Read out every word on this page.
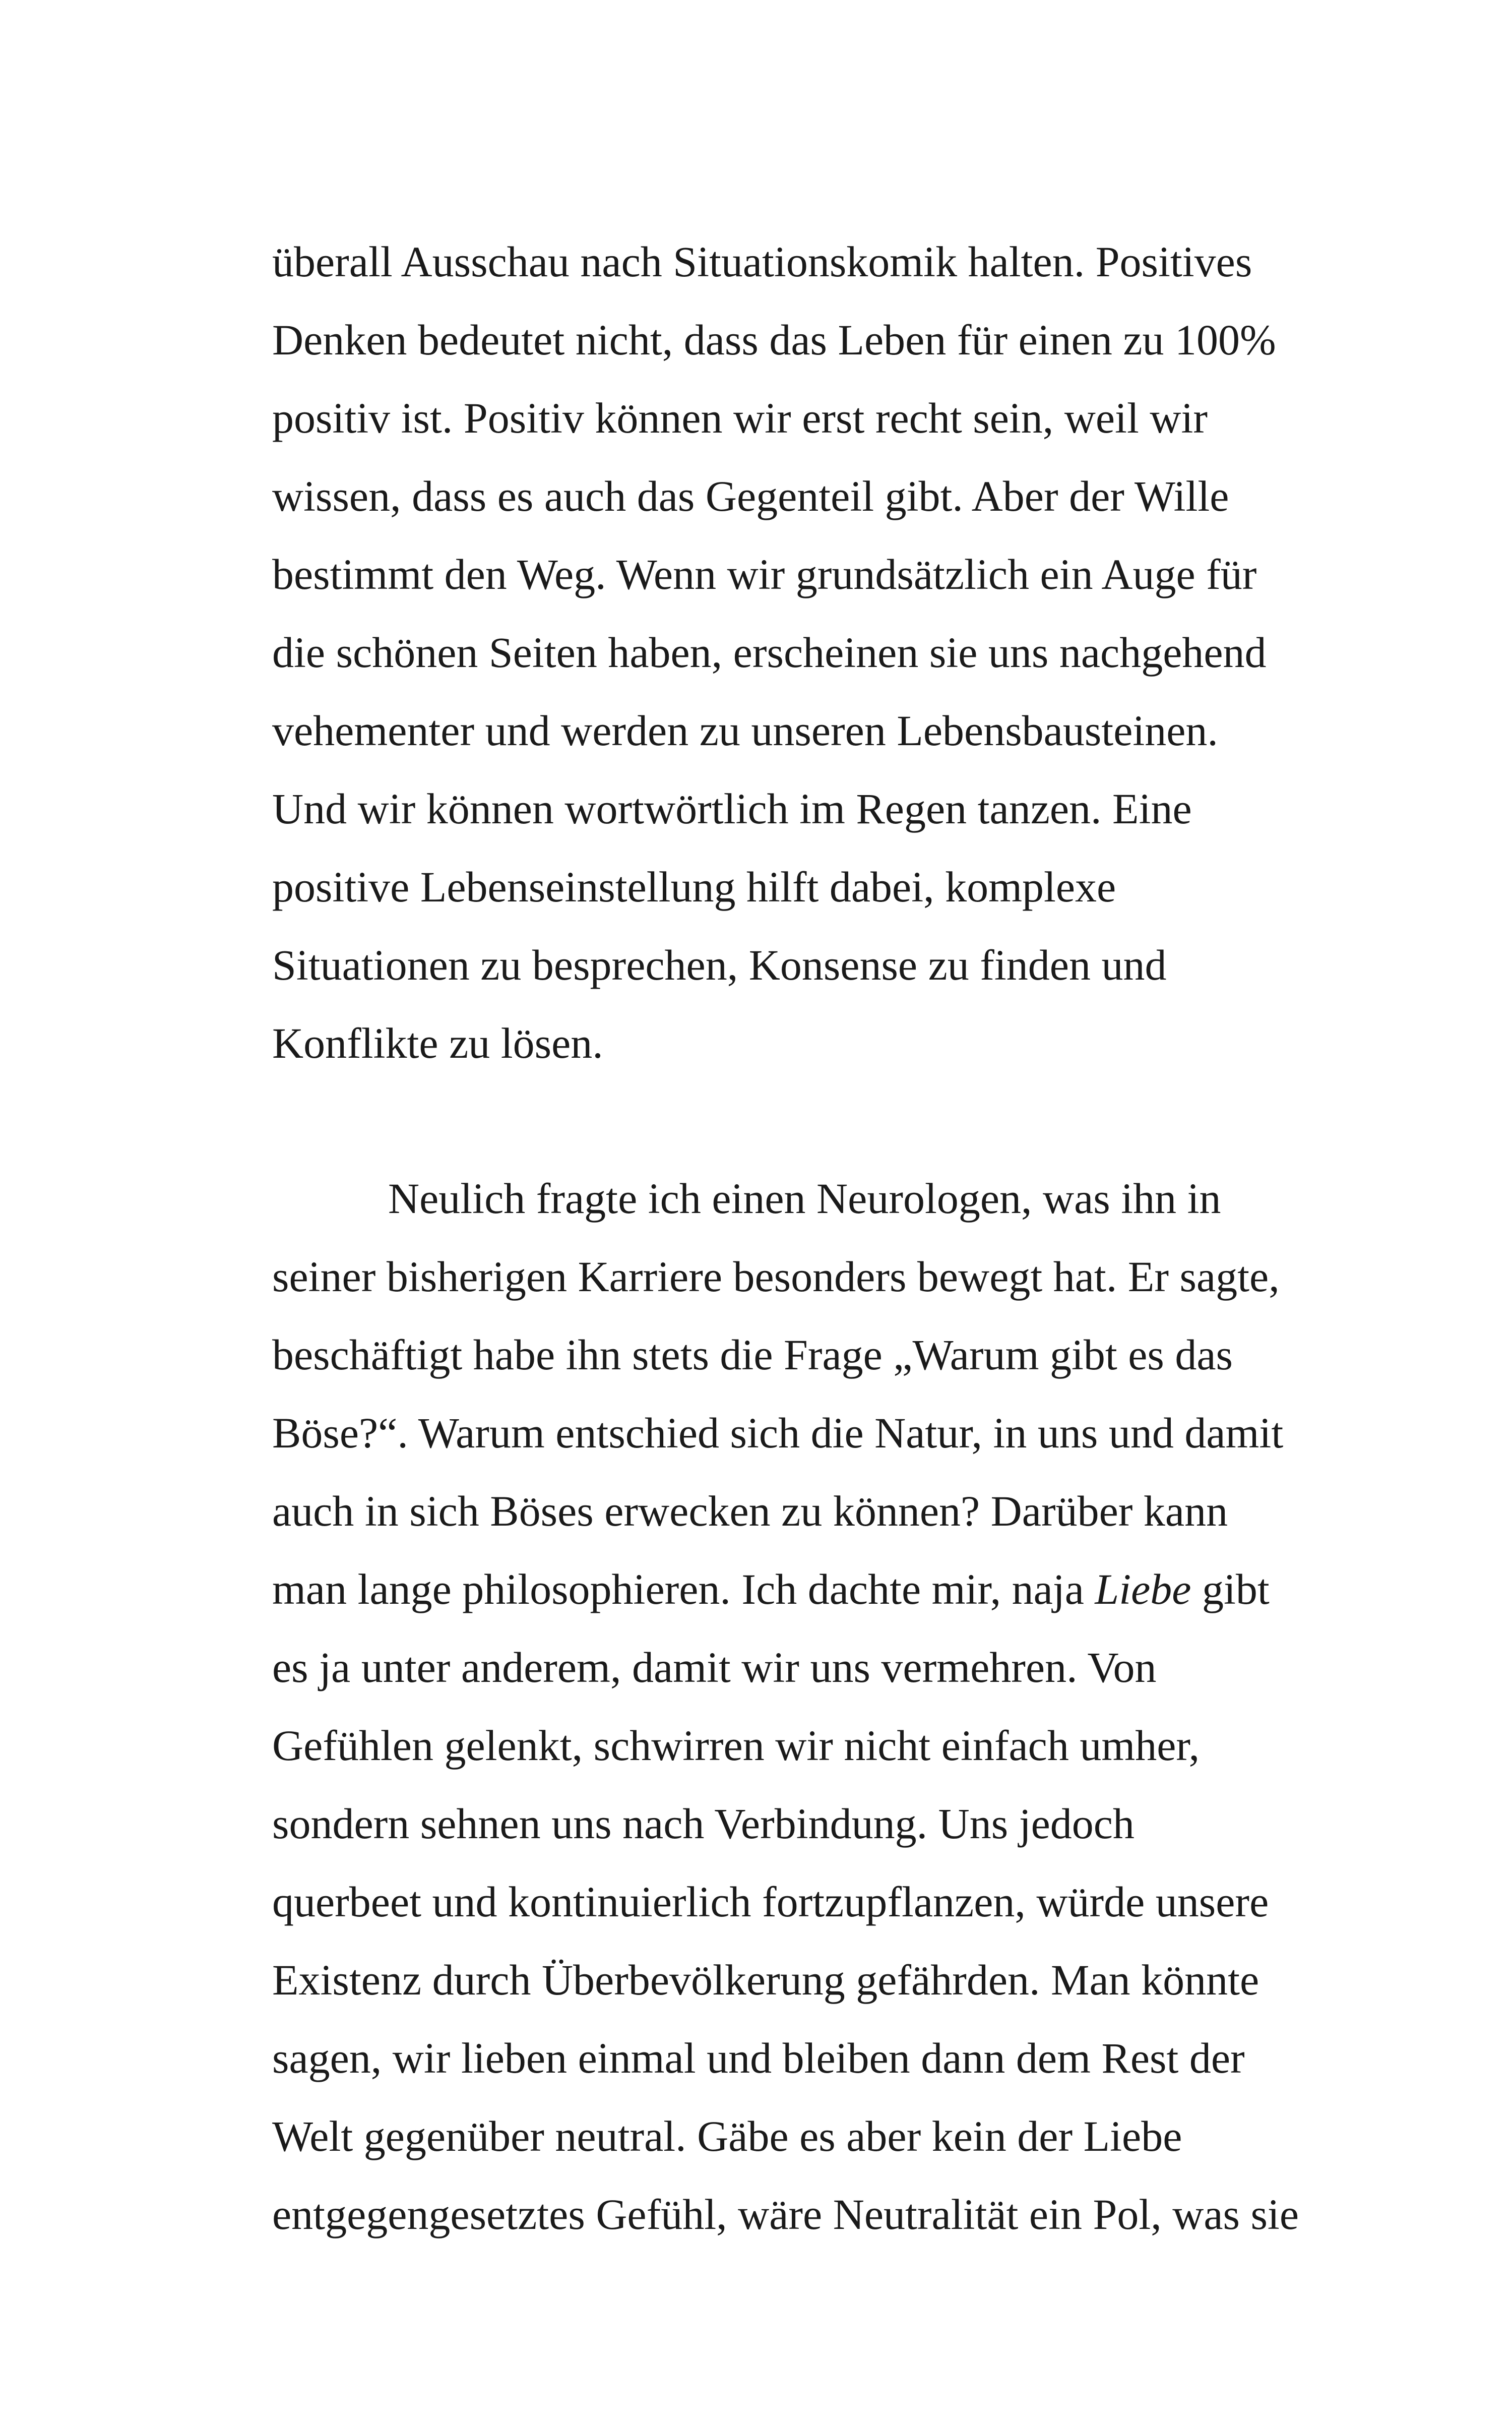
überall Ausschau nach Situationskomik halten. Positives
Denken bedeutet nicht, dass das Leben für einen zu 100%
positiv ist. Positiv können wir erst recht sein, weil wir
wissen, dass es auch das Gegenteil gibt. Aber der Wille
bestimmt den Weg. Wenn wir grundsätzlich ein Auge für
die schönen Seiten haben, erscheinen sie uns nachgehend
vehementer und werden zu unseren Lebensbausteinen.
Und wir können wortwörtlich im Regen tanzen. Eine
positive Lebenseinstellung hilft dabei, komplexe
Situationen zu besprechen, Konsense zu finden und
Konflikte zu lösen.
Neulich fragte ich einen Neurologen, was ihn in
seiner bisherigen Karriere besonders bewegt hat. Er sagte,
beschäftigt habe ihn stets die Frage „Warum gibt es das
Böse?“. Warum entschied sich die Natur, in uns und damit
auch in sich Böses erwecken zu können? Darüber kann
man lange philosophieren. Ich dachte mir, naja Liebe gibt
es ja unter anderem, damit wir uns vermehren. Von
Gefühlen gelenkt, schwirren wir nicht einfach umher,
sondern sehnen uns nach Verbindung. Uns jedoch
querbeet und kontinuierlich fortzupflanzen, würde unsere
Existenz durch Überbevölkerung gefährden. Man könnte
sagen, wir lieben einmal und bleiben dann dem Rest der
Welt gegenüber neutral. Gäbe es aber kein der Liebe
entgegengesetztes Gefühl, wäre Neutralität ein Pol, was sie
